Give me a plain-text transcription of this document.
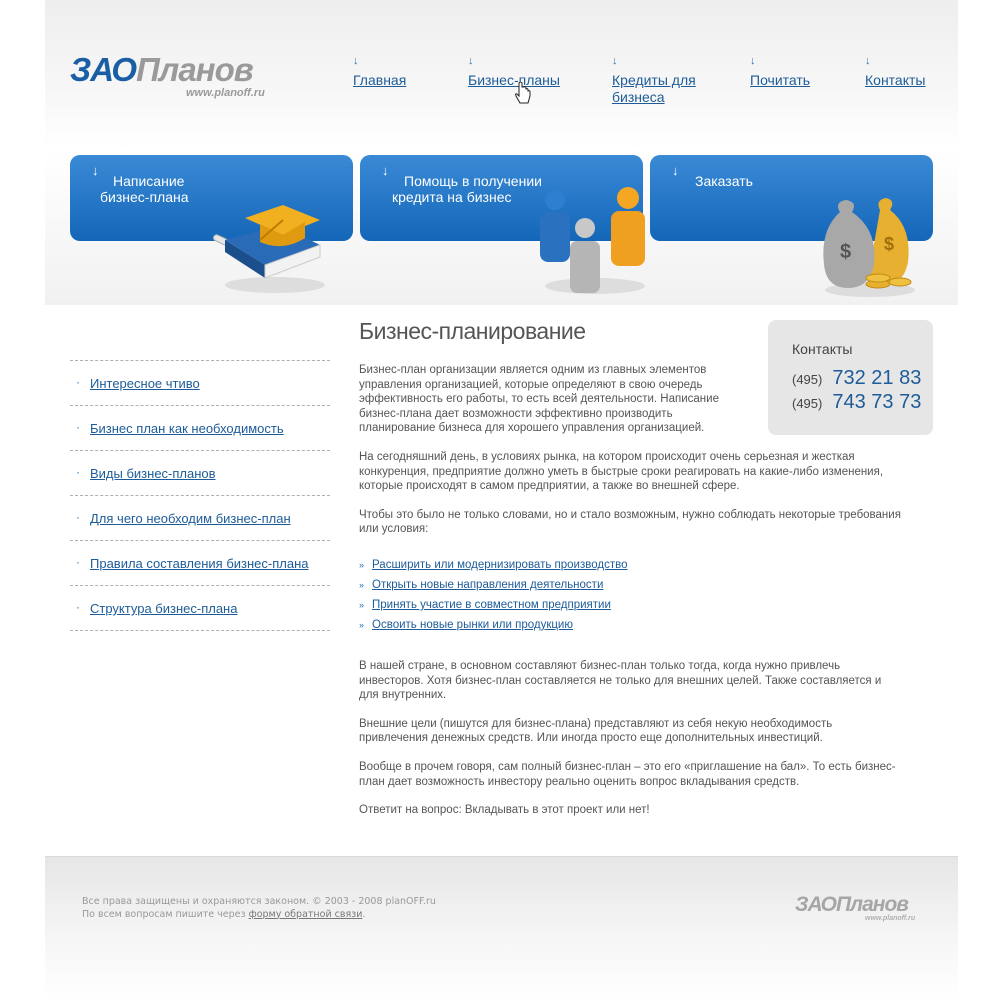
ЗАОПланов
www.planoff.ru
↓
Главная
↓
Бизнес-планы
↓
Кредиты для бизнеса
↓
Почитать
↓
Контакты
↓
Написание
бизнес-плана
↓
Помощь в получении
кредита на бизнес
↓
Заказать
$
$
· Интересное чтиво
· Бизнес план как необходимость
· Виды бизнес-планов
· Для чего необходим бизнес-план
· Правила составления бизнес-плана
· Структура бизнес-плана
Бизнес-планирование

Бизнес-план организации является одним из главных элементов управления организацией, которые определяют в свою очередь эффективность его работы, то есть всей деятельности. Написание бизнес-плана дает возможности эффективно производить планирование бизнеса для хорошего управления организацией.

На сегодняшний день, в условиях рынка, на котором происходит очень серьезная и жесткая конкуренция, предприятие должно уметь в быстрые сроки реагировать на какие-либо изменения, которые происходят в самом предприятии, а также во внешней сфере.

Чтобы это было не только словами, но и стало возможным, нужно соблюдать некоторые требования или условия:

» Расширить или модернизировать производство
» Открыть новые направления деятельности
» Принять участие в совместном предприятии
» Освоить новые рынки или продукцию

В нашей стране, в основном составляют бизнес-план только тогда, когда нужно привлечь инвесторов. Хотя бизнес-план составляется не только для внешних целей. Также составляется и для внутренних.

Внешние цели (пишутся для бизнес-плана) представляют из себя некую необходимость привлечения денежных средств. Или иногда просто еще дополнительных инвестиций.

Вообще в прочем говоря, сам полный бизнес-план – это его «приглашение на бал». То есть бизнес-план дает возможность инвестору реально оценить вопрос вкладывания средств.

Ответит на вопрос: Вкладывать в этот проект или нет!

Контакты
(495) 732 21 83
(495) 743 73 73
Все права защищены и охраняются законом. © 2003 - 2008 planOFF.ru
По всем вопросам пишите через форму обратной связи.	ЗАОПланов
www.planoff.ru
